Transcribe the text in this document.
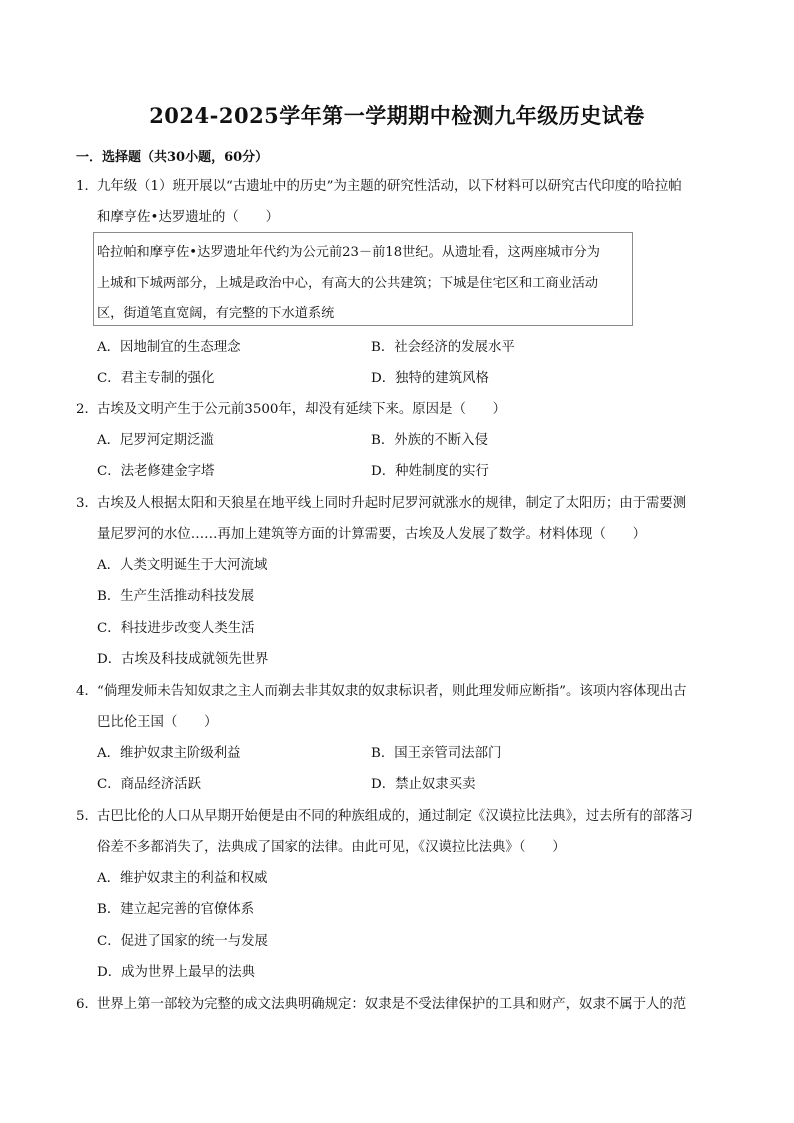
2024-2025学年第一学期期中检测九年级历史试卷
一．选择题（共30小题，60分）
1． 九年级（1）班开展以“古遗址中的历史”为主题的研究性活动，以下材料可以研究古代印度的哈拉帕
和摩亨佐•达罗遗址的（　　）
哈拉帕和摩亨佐•达罗遗址年代约为公元前23－前18世纪。从遗址看，这两座城市分为
上城和下城两部分，上城是政治中心，有高大的公共建筑；下城是住宅区和工商业活动
区，街道笔直宽阔，有完整的下水道系统
A．因地制宜的生态理念	B．社会经济的发展水平
C．君主专制的强化	D．独特的建筑风格
2． 古埃及文明产生于公元前3500年，却没有延续下来。原因是（　　）
A．尼罗河定期泛滥	B．外族的不断入侵
C．法老修建金字塔	D．种姓制度的实行
3． 古埃及人根据太阳和天狼星在地平线上同时升起时尼罗河就涨水的规律，制定了太阳历；由于需要测
量尼罗河的水位……再加上建筑等方面的计算需要，古埃及人发展了数学。材料体现（　　）
A．人类文明诞生于大河流域
B．生产生活推动科技发展
C．科技进步改变人类生活
D．古埃及科技成就领先世界
4． “倘理发师未告知奴隶之主人而剃去非其奴隶的奴隶标识者，则此理发师应断指”。该项内容体现出古
巴比伦王国（　　）
A．维护奴隶主阶级利益	B．国王亲管司法部门
C．商品经济活跃	D．禁止奴隶买卖
5． 古巴比伦的人口从早期开始便是由不同的种族组成的，通过制定《汉谟拉比法典》，过去所有的部落习
俗差不多都消失了，法典成了国家的法律。由此可见，《汉谟拉比法典》（　　）
A．维护奴隶主的利益和权威
B．建立起完善的官僚体系
C．促进了国家的统一与发展
D．成为世界上最早的法典
6． 世界上第一部较为完整的成文法典明确规定：奴隶是不受法律保护的工具和财产，奴隶不属于人的范
